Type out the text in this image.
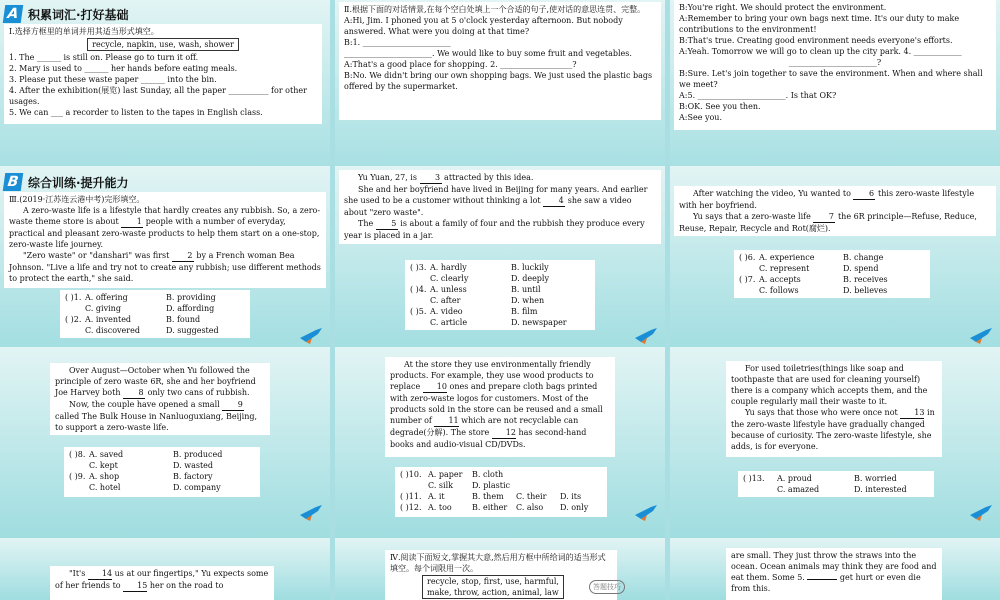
A 积累词汇·打好基础

Ⅰ.选择方框里的单词并用其适当形式填空。

recycle, napkin, use, wash, shower

1. The ______ is still on. Please go to turn it off.

2. Mary is used to ______ her hands before eating meals.

3. Please put these waste paper ______ into the bin.

4. After the exhibition(展览) last Sunday, all the paper __________ for other usages.

5. We can ___ a recorder to listen to the tapes in English class.

Ⅱ.根据下面的对话情景,在每个空白处填上一个合适的句子,使对话的意思连贯、完整。

A:Hi, Jim. I phoned you at 5 o'clock yesterday afternoon. But nobody answered. What were you doing at that time?

B:1. ______________________

______________________. We would like to buy some fruit and vegetables.

A:That's a good place for shopping. 2. __________________?

B:No. We didn't bring our own shopping bags. We just used the plastic bags offered by the supermarket.

B:You're right. We should protect the environment.

A:Remember to bring your own bags next time. It's our duty to make contributions to the environment!

B:That's true. Creating good environment needs everyone's efforts.

A:Yeah. Tomorrow we will go to clean up the city park. 4. ____________

______________________?

B:Sure. Let's join together to save the environment. When and where shall we meet?

A:5. ______________________. Is that OK?

B:OK. See you then.

A:See you.

B 综合训练·提升能力

Ⅲ.(2019·江苏连云港中考)完形填空。

A zero-waste life is a lifestyle that hardly creates any rubbish. So, a zero-waste theme store is about 1 people with a number of everyday, practical and pleasant zero-waste products to help them start on a one-stop, zero-waste life journey.

"Zero waste" or "danshari" was first 2 by a French woman Bea Johnson. "Live a life and try not to create any rubbish; use different methods to protect the earth," she said.

( )1. A. offering	B. providing
C. giving	D. affording
( )2. A. invented	B. found
C. discovered	D. suggested

Yu Yuan, 27, is 3 attracted by this idea.

She and her boyfriend have lived in Beijing for many years. And earlier she used to be a customer without thinking a lot 4 she saw a video about "zero waste".

The 5 is about a family of four and the rubbish they produce every year is placed in a jar.

( )3. A. hardly	B. luckily
C. clearly	D. deeply
( )4. A. unless	B. until
C. after	D. when
( )5. A. video	B. film
C. article	D. newspaper

After watching the video, Yu wanted to 6 this zero-waste lifestyle with her boyfriend.

Yu says that a zero-waste life 7 the 6R principle—Refuse, Reduce, Reuse, Repair, Recycle and Rot(腐烂).

( )6. A. experience	B. change
C. represent	D. spend
( )7. A. accepts	B. receives
C. follows	D. believes

Over August—October when Yu followed the principle of zero waste 6R, she and her boyfriend Joe Harvey both 8 only two cans of rubbish.

Now, the couple have opened a small 9 called The Bulk House in Nanluoguxiang, Beijing, to support a zero-waste life.

( )8. A. saved	B. produced
C. kept	D. wasted
( )9. A. shop	B. factory
C. hotel	D. company

At the store they use environmentally friendly products. For example, they use wood products to replace 10 ones and prepare cloth bags printed with zero-waste logos for customers. Most of the products sold in the store can be reused and a small number of 11 which are not recyclable can degrade(分解). The store 12 has second-hand books and audio-visual CD/DVDs.

( )10. A. paper	B. cloth
C. silk	D. plastic
( )11. A. it	B. them	C. their	D. its
( )12. A. too	B. either	C. also	D. only

For used toiletries(things like soap and toothpaste that are used for cleaning yourself) there is a company which accepts them, and the couple regularly mail their waste to it.

Yu says that those who were once not 13 in the zero-waste lifestyle have gradually changed because of curiosity. The zero-waste lifestyle, she adds, is for everyone.

( )13.	A. proud	B. worried
C. amazed	D. interested

"It's 14 us at our fingertips," Yu expects some of her friends to 15 her on the road to

Ⅳ.阅读下面短文,掌握其大意,然后用方框中所给词的适当形式填空。每个词限用一次。

recycle, stop, first, use, harmful,
make, throw, action, animal, law
答题技巧

are small. They just throw the straws into the ocean. Ocean animals may think they are food and eat them. Some 5.	get hurt or even die from this.
